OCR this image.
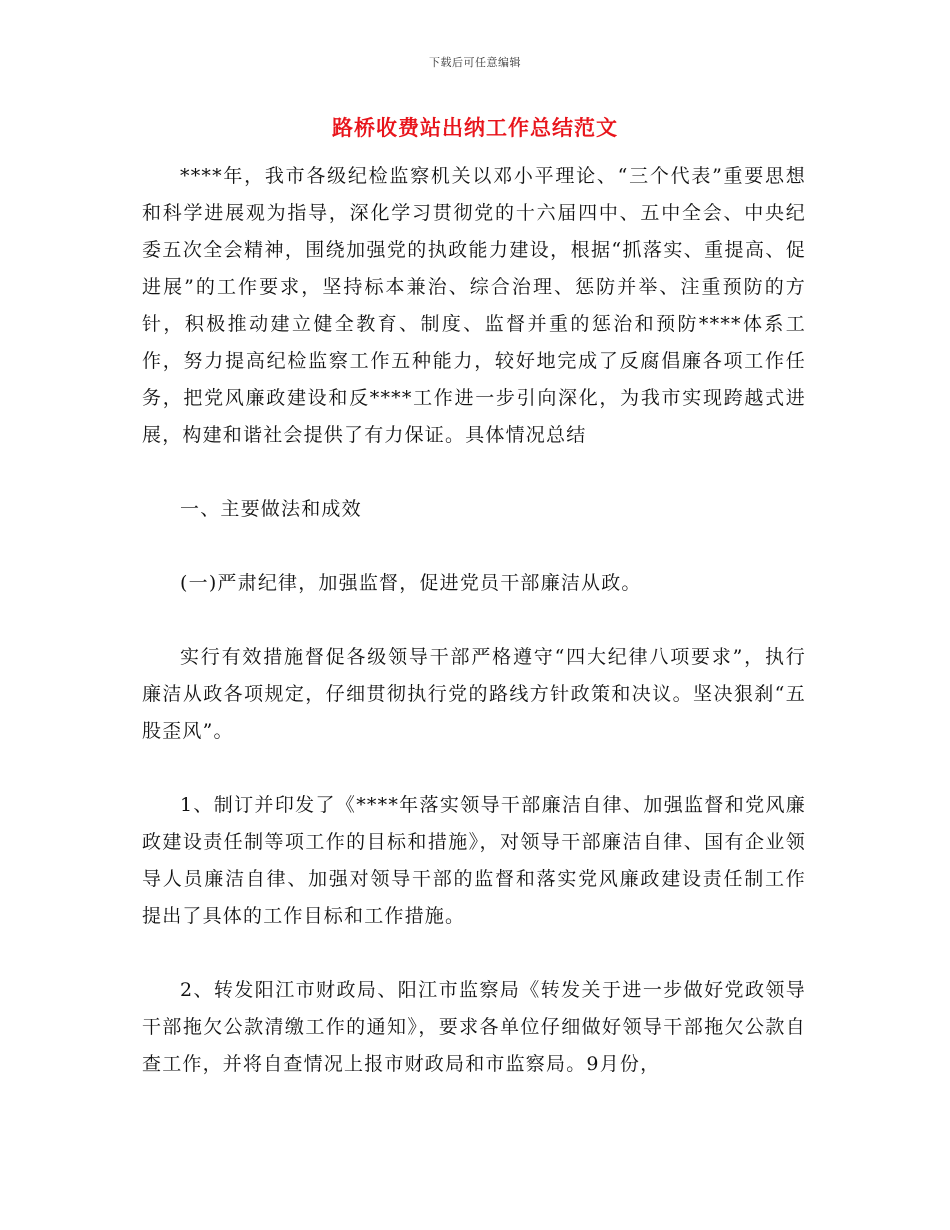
下载后可任意编辑
路桥收费站出纳工作总结范文

****年，我市各级纪检监察机关以邓小平理论、“三个代表”重要思想和科学进展观为指导，深化学习贯彻党的十六届四中、五中全会、中央纪委五次全会精神，围绕加强党的执政能力建设，根据“抓落实、重提高、促进展”的工作要求，坚持标本兼治、综合治理、惩防并举、注重预防的方针，积极推动建立健全教育、制度、监督并重的惩治和预防****体系工作，努力提高纪检监察工作五种能力，较好地完成了反腐倡廉各项工作任务，把党风廉政建设和反****工作进一步引向深化，为我市实现跨越式进展，构建和谐社会提供了有力保证。具体情况总结

一、主要做法和成效

(一)严肃纪律，加强监督，促进党员干部廉洁从政。

实行有效措施督促各级领导干部严格遵守“四大纪律八项要求”，执行廉洁从政各项规定，仔细贯彻执行党的路线方针政策和决议。坚决狠刹“五股歪风”。

1、制订并印发了《****年落实领导干部廉洁自律、加强监督和党风廉政建设责任制等项工作的目标和措施》，对领导干部廉洁自律、国有企业领导人员廉洁自律、加强对领导干部的监督和落实党风廉政建设责任制工作提出了具体的工作目标和工作措施。

2、转发阳江市财政局、阳江市监察局《转发关于进一步做好党政领导干部拖欠公款清缴工作的通知》，要求各单位仔细做好领导干部拖欠公款自查工作，并将自查情况上报市财政局和市监察局。9月份，
